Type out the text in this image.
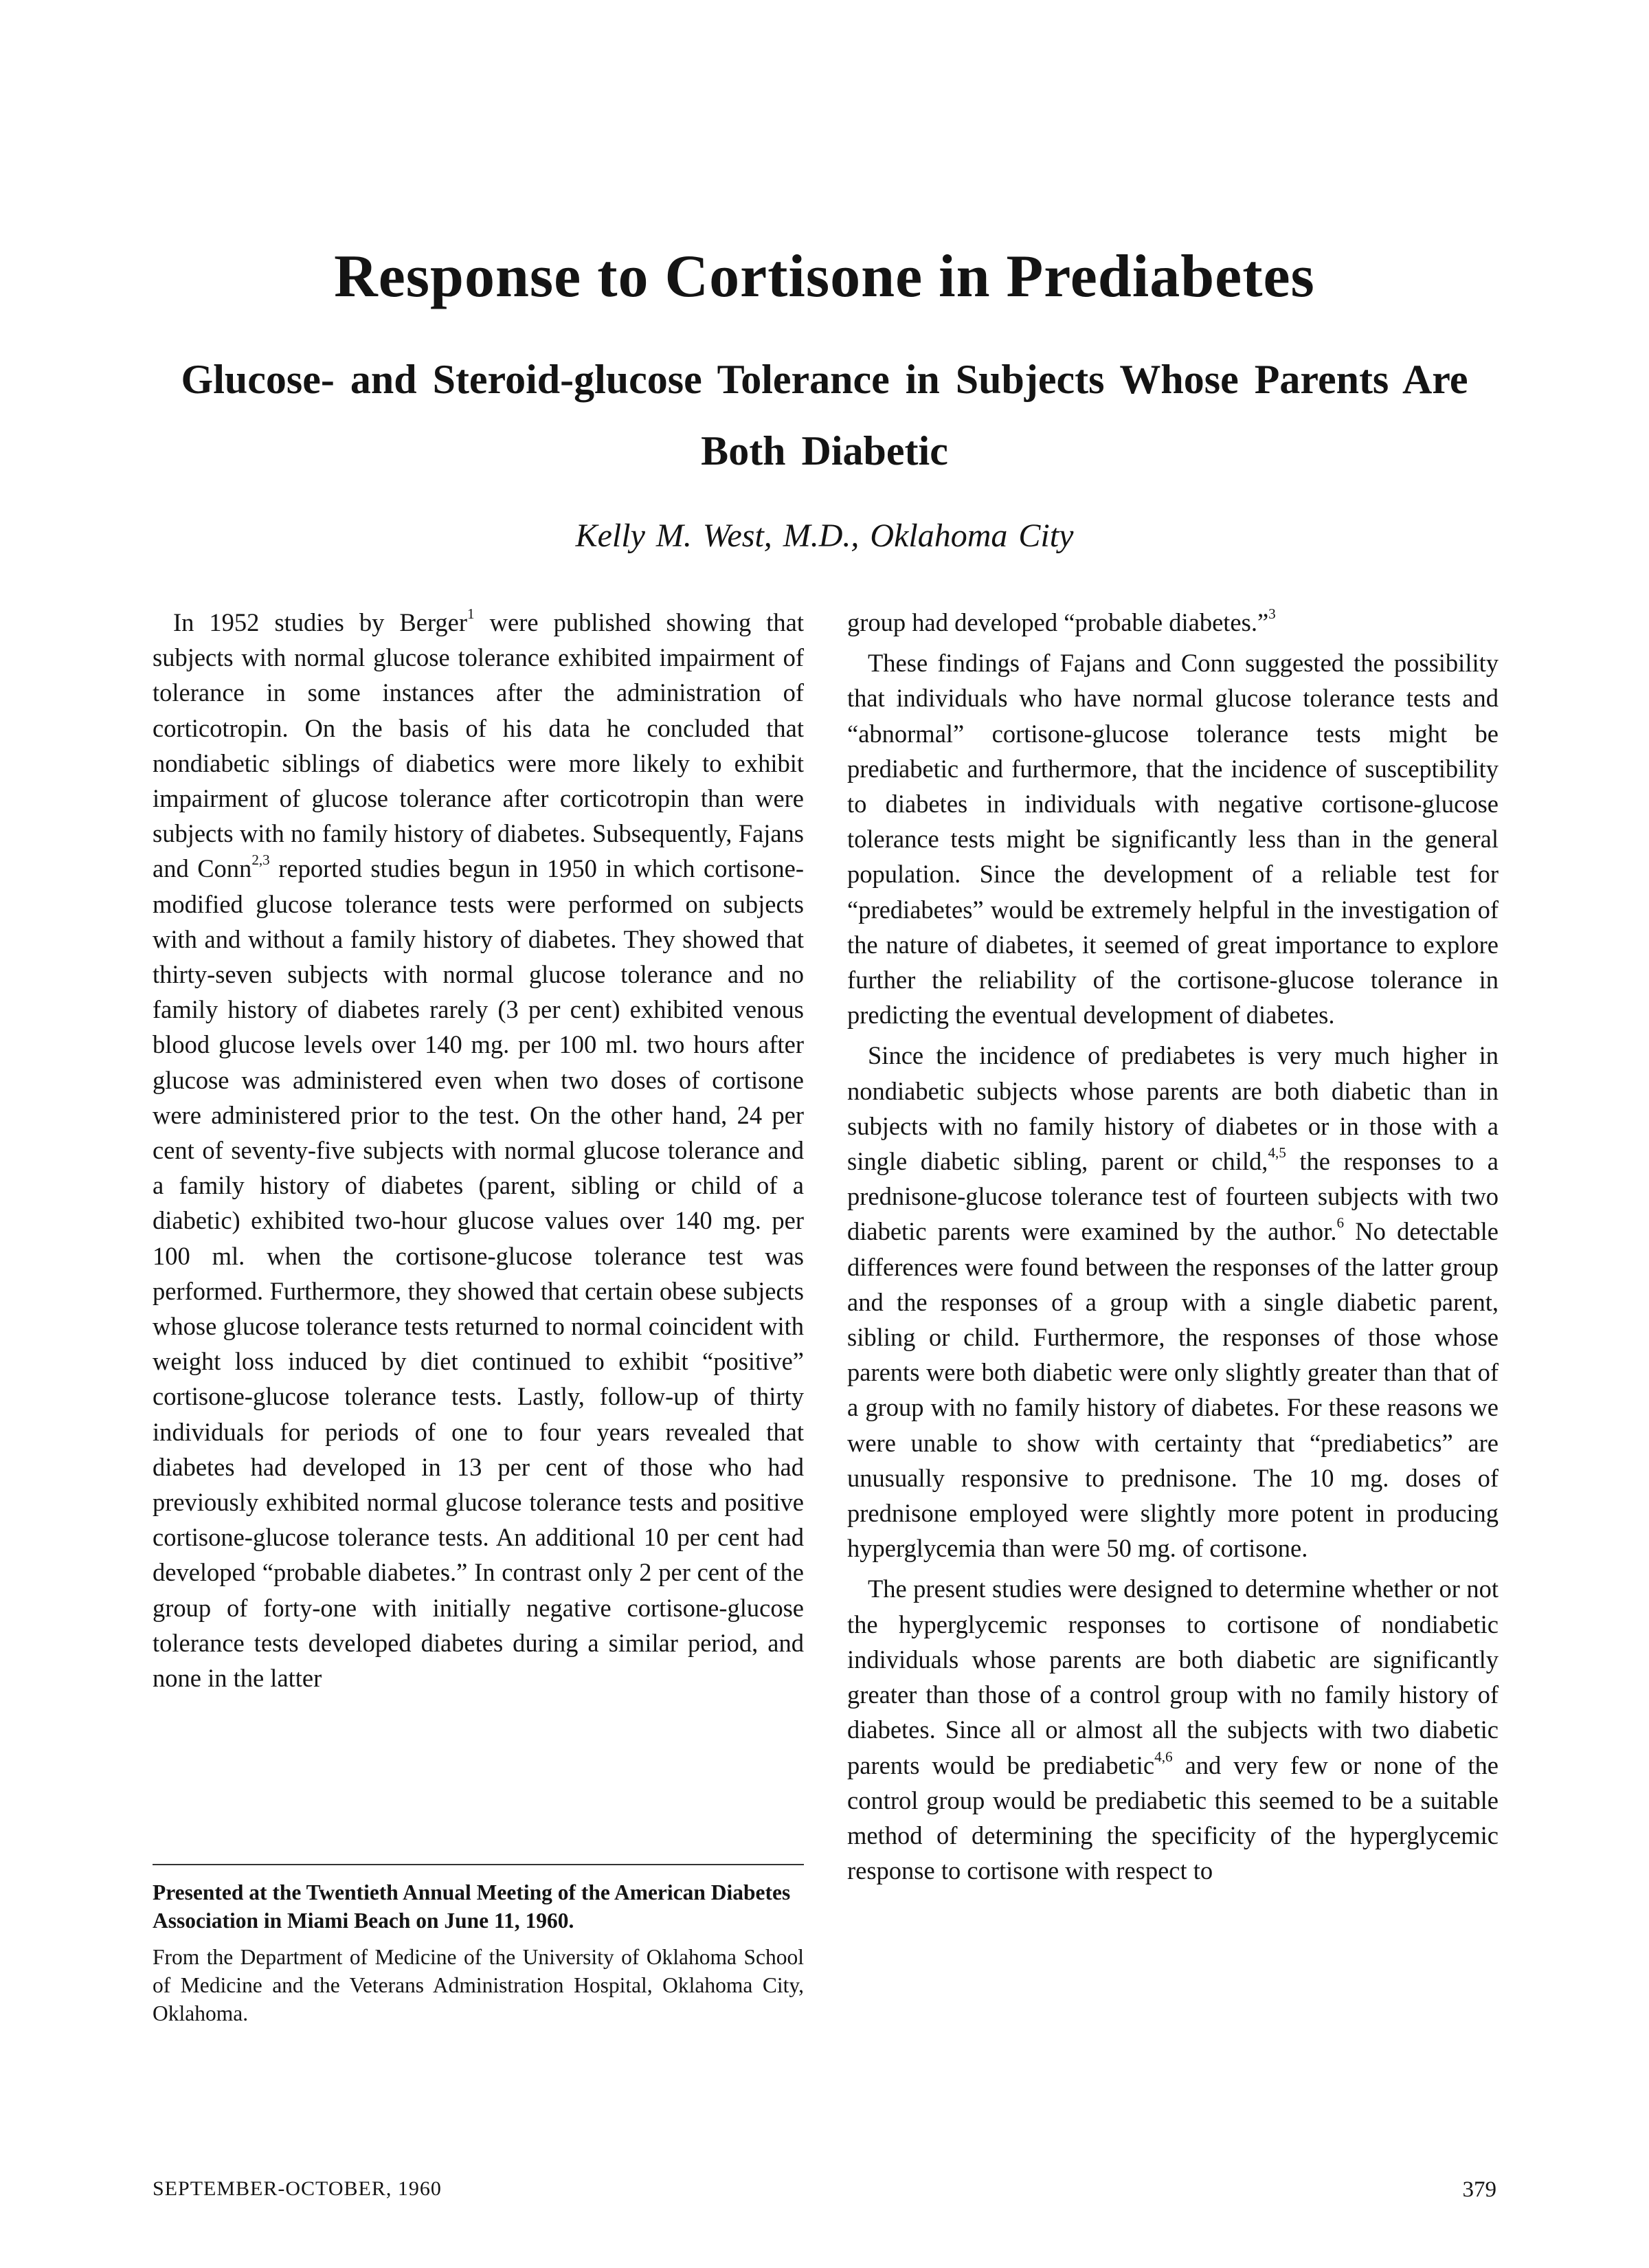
Response to Cortisone in Prediabetes
Glucose- and Steroid-glucose Tolerance in Subjects Whose Parents Are Both Diabetic

Kelly M. West, M.D., Oklahoma City

In 1952 studies by Berger$^1$ were published showing that subjects with normal glucose tolerance exhibited impairment of tolerance in some instances after the administration of corticotropin. On the basis of his data he concluded that nondiabetic siblings of diabetics were more likely to exhibit impairment of glucose tolerance after corticotropin than were subjects with no family history of diabetes. Subsequently, Fajans and Conn$^{2,3}$ reported studies begun in 1950 in which cortisone-modified glucose tolerance tests were performed on subjects with and without a family history of diabetes. They showed that thirty-seven subjects with normal glucose tolerance and no family history of diabetes rarely (3 per cent) exhibited venous blood glucose levels over 140 mg. per 100 ml. two hours after glucose was administered even when two doses of cortisone were administered prior to the test. On the other hand, 24 per cent of seventy-five subjects with normal glucose tolerance and a family history of diabetes (parent, sibling or child of a diabetic) exhibited two-hour glucose values over 140 mg. per 100 ml. when the cortisone-glucose tolerance test was performed. Furthermore, they showed that certain obese subjects whose glucose tolerance tests returned to normal coincident with weight loss induced by diet continued to exhibit “positive” cortisone-glucose tolerance tests. Lastly, follow-up of thirty individuals for periods of one to four years revealed that diabetes had developed in 13 per cent of those who had previously exhibited normal glucose tolerance tests and positive cortisone-glucose tolerance tests. An additional 10 per cent had developed “probable diabetes.” In contrast only 2 per cent of the group of forty-one with initially negative cortisone-glucose tolerance tests developed diabetes during a similar period, and none in the latter

group had developed “probable diabetes.”$^3$

These findings of Fajans and Conn suggested the possibility that individuals who have normal glucose tolerance tests and “abnormal” cortisone-glucose tolerance tests might be prediabetic and furthermore, that the incidence of susceptibility to diabetes in individuals with negative cortisone-glucose tolerance tests might be significantly less than in the general population. Since the development of a reliable test for “prediabetes” would be extremely helpful in the investigation of the nature of diabetes, it seemed of great importance to explore further the reliability of the cortisone-glucose tolerance in predicting the eventual development of diabetes.

Since the incidence of prediabetes is very much higher in nondiabetic subjects whose parents are both diabetic than in subjects with no family history of diabetes or in those with a single diabetic sibling, parent or child,$^{4,5}$ the responses to a prednisone-glucose tolerance test of fourteen subjects with two diabetic parents were examined by the author.$^6$ No detectable differences were found between the responses of the latter group and the responses of a group with a single diabetic parent, sibling or child. Furthermore, the responses of those whose parents were both diabetic were only slightly greater than that of a group with no family history of diabetes. For these reasons we were unable to show with certainty that “prediabetics” are unusually responsive to prednisone. The 10 mg. doses of prednisone employed were slightly more potent in producing hyperglycemia than were 50 mg. of cortisone.

The present studies were designed to determine whether or not the hyperglycemic responses to cortisone of nondiabetic individuals whose parents are both diabetic are significantly greater than those of a control group with no family history of diabetes. Since all or almost all the subjects with two diabetic parents would be prediabetic$^{4,6}$ and very few or none of the control group would be prediabetic this seemed to be a suitable method of determining the specificity of the hyperglycemic response to cortisone with respect to

Presented at the Twentieth Annual Meeting of the American Diabetes Association in Miami Beach on June 11, 1960.

From the Department of Medicine of the University of Oklahoma School of Medicine and the Veterans Administration Hospital, Oklahoma City, Oklahoma.

SEPTEMBER-OCTOBER, 1960	379
